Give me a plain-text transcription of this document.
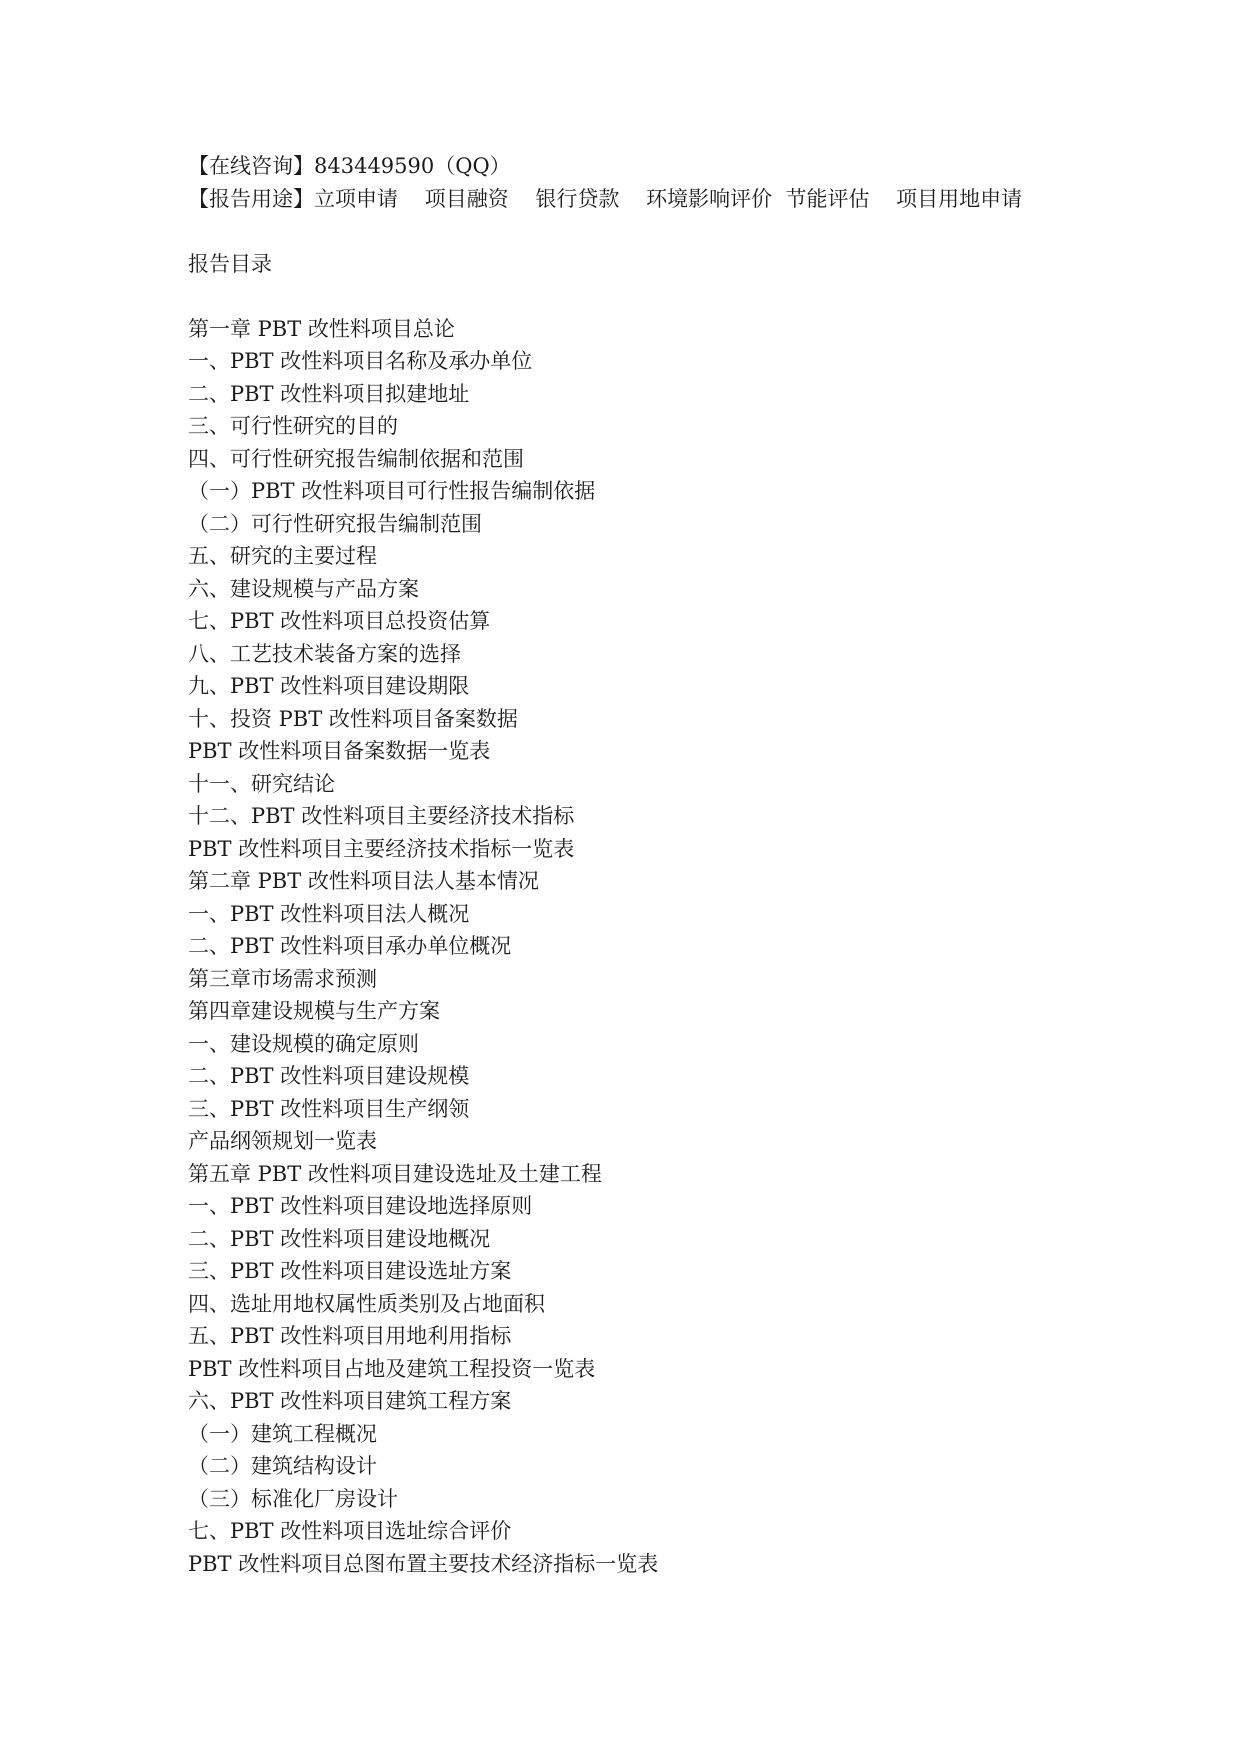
【在线咨询】843449590（QQ）

【报告用途】立项申请 项目融资 银行贷款 环境影响评价 节能评估 项目用地申请

报告目录

第一章 PBT 改性料项目总论

一、PBT 改性料项目名称及承办单位

二、PBT 改性料项目拟建地址

三、可行性研究的目的

四、可行性研究报告编制依据和范围

（一）PBT 改性料项目可行性报告编制依据

（二）可行性研究报告编制范围

五、研究的主要过程

六、建设规模与产品方案

七、PBT 改性料项目总投资估算

八、工艺技术装备方案的选择

九、PBT 改性料项目建设期限

十、投资 PBT 改性料项目备案数据

PBT 改性料项目备案数据一览表

十一、研究结论

十二、PBT 改性料项目主要经济技术指标

PBT 改性料项目主要经济技术指标一览表

第二章 PBT 改性料项目法人基本情况

一、PBT 改性料项目法人概况

二、PBT 改性料项目承办单位概况

第三章市场需求预测

第四章建设规模与生产方案

一、建设规模的确定原则

二、PBT 改性料项目建设规模

三、PBT 改性料项目生产纲领

产品纲领规划一览表

第五章 PBT 改性料项目建设选址及土建工程

一、PBT 改性料项目建设地选择原则

二、PBT 改性料项目建设地概况

三、PBT 改性料项目建设选址方案

四、选址用地权属性质类别及占地面积

五、PBT 改性料项目用地利用指标

PBT 改性料项目占地及建筑工程投资一览表

六、PBT 改性料项目建筑工程方案

（一）建筑工程概况

（二）建筑结构设计

（三）标准化厂房设计

七、PBT 改性料项目选址综合评价

PBT 改性料项目总图布置主要技术经济指标一览表
